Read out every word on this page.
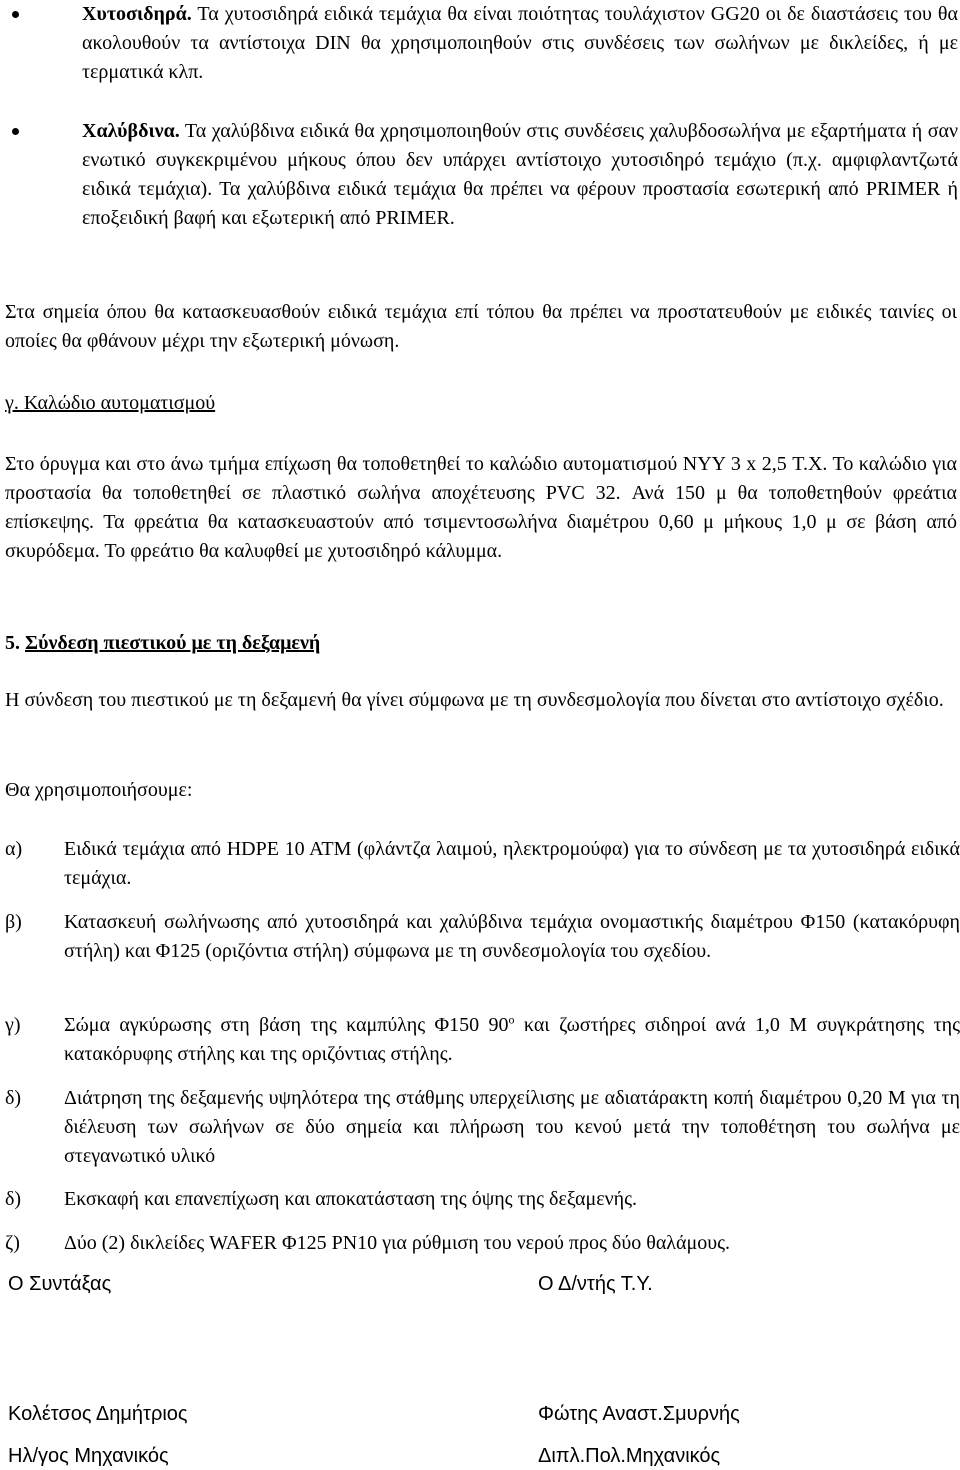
Χυτοσιδηρά. Τα χυτοσιδηρά ειδικά τεμάχια θα είναι ποιότητας τουλάχιστον GG20 οι δε διαστάσεις του θα ακολουθούν τα αντίστοιχα DIN θα χρησιμοποιηθούν στις συνδέσεις των σωλήνων με δικλείδες, ή με τερματικά κλπ.
Χαλύβδινα. Τα χαλύβδινα ειδικά θα χρησιμοποιηθούν στις συνδέσεις χαλυβδοσωλήνα με εξαρτήματα ή σαν ενωτικό συγκεκριμένου μήκους όπου δεν υπάρχει αντίστοιχο χυτοσιδηρό τεμάχιο (π.χ. αμφιφλαντζωτά ειδικά τεμάχια). Τα χαλύβδινα ειδικά τεμάχια θα πρέπει να φέρουν προστασία εσωτερική από PRIMER ή εποξειδική βαφή και εξωτερική από PRIMER.
Στα σημεία όπου θα κατασκευασθούν ειδικά τεμάχια επί τόπου θα πρέπει να προστατευθούν με ειδικές ταινίες οι οποίες θα φθάνουν μέχρι την εξωτερική μόνωση.
γ. Καλώδιο αυτοματισμού
Στο όρυγμα και στο άνω τμήμα επίχωση θα τοποθετηθεί το καλώδιο αυτοματισμού NYY 3 x 2,5 Τ.Χ. Το καλώδιο για προστασία θα τοποθετηθεί σε πλαστικό σωλήνα αποχέτευσης PVC 32. Ανά 150 μ θα τοποθετηθούν φρεάτια επίσκεψης. Τα φρεάτια θα κατασκευαστούν από τσιμεντοσωλήνα διαμέτρου 0,60 μ μήκους 1,0 μ σε βάση από σκυρόδεμα. Το φρεάτιο θα καλυφθεί με χυτοσιδηρό κάλυμμα.
5. Σύνδεση πιεστικού με τη δεξαμενή
Η σύνδεση του πιεστικού με τη δεξαμενή θα γίνει σύμφωνα με τη συνδεσμολογία που δίνεται στο αντίστοιχο σχέδιο.
Θα χρησιμοποιήσουμε:
α)	Ειδικά τεμάχια από HDPE 10 ATM (φλάντζα λαιμού, ηλεκτρομούφα) για το σύνδεση με τα χυτοσιδηρά ειδικά τεμάχια.
β)	Κατασκευή σωλήνωσης από χυτοσιδηρά και χαλύβδινα τεμάχια ονομαστικής διαμέτρου Φ150 (κατακόρυφη στήλη) και Φ125 (οριζόντια στήλη) σύμφωνα με τη συνδεσμολογία του σχεδίου.
γ)	Σώμα αγκύρωσης στη βάση της καμπύλης Φ150 $90^o$ και ζωστήρες σιδηροί ανά 1,0 Μ συγκράτησης της κατακόρυφης στήλης και της οριζόντιας στήλης.
δ)	Διάτρηση της δεξαμενής υψηλότερα της στάθμης υπερχείλισης με αδιατάρακτη κοπή διαμέτρου 0,20 Μ για τη διέλευση των σωλήνων σε δύο σημεία και πλήρωση του κενού μετά την τοποθέτηση του σωλήνα με στεγανωτικό υλικό
δ)	Εκσκαφή και επανεπίχωση και αποκατάσταση της όψης της δεξαμενής.
ζ)	Δύο (2) δικλείδες WAFER Φ125 PN10 για ρύθμιση του νερού προς δύο θαλάμους.
Ο Συντάξας	Ο Δ/ντής Τ.Υ.
Κολέτσος Δημήτριος	Φώτης Αναστ.Σμυρνής
Ηλ/γος Μηχανικός	Διπλ.Πολ.Μηχανικός
